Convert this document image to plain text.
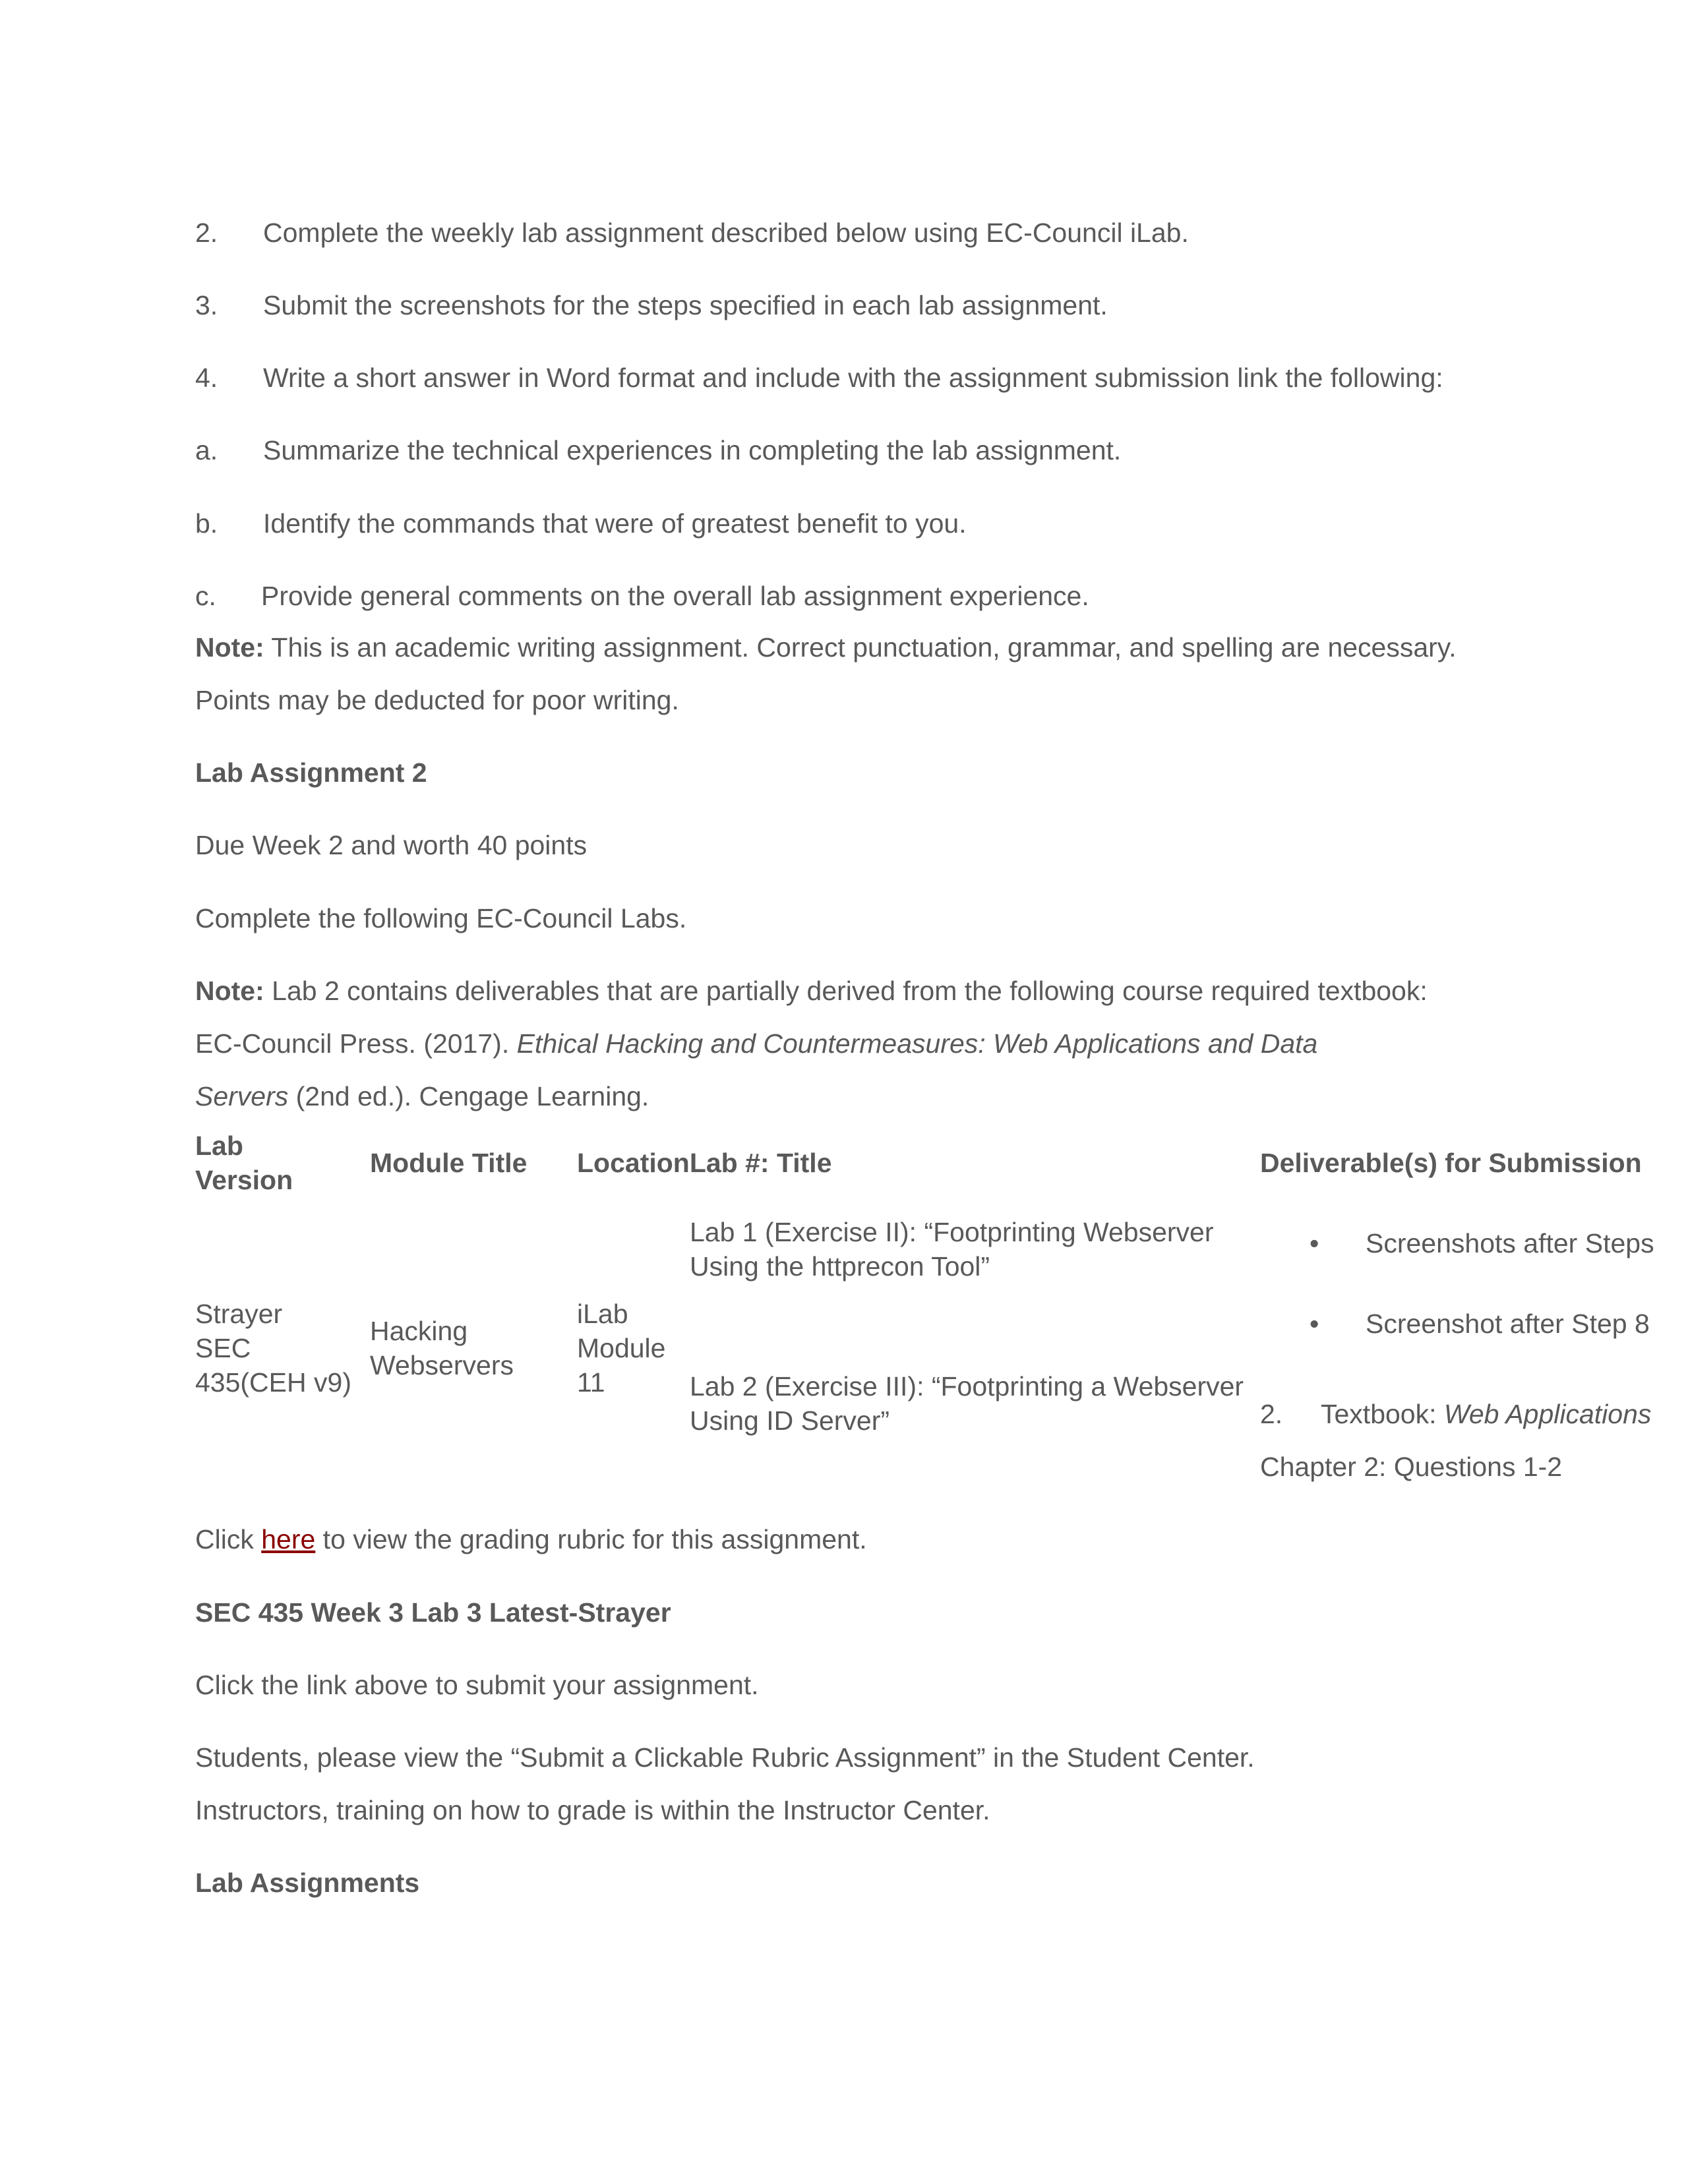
2. Complete the weekly lab assignment described below using EC-Council iLab.

3. Submit the screenshots for the steps specified in each lab assignment.

4. Write a short answer in Word format and include with the assignment submission link the following:

a. Summarize the technical experiences in completing the lab assignment.

b. Identify the commands that were of greatest benefit to you.

c. Provide general comments on the overall lab assignment experience.

Note: This is an academic writing assignment. Correct punctuation, grammar, and spelling are necessary.

Points may be deducted for poor writing.

Lab Assignment 2

Due Week 2 and worth 40 points

Complete the following EC-Council Labs.

Note: Lab 2 contains deliverables that are partially derived from the following course required textbook:

EC-Council Press. (2017). Ethical Hacking and Countermeasures: Web Applications and Data

Servers (2nd ed.). Cengage Learning.

Lab

Version

Module Title LocationLab #: Title	Deliverable(s) for Submission

Strayer

SEC

435(CEH v9)

Hacking

Webservers

iLab

Module

11

Lab 1 (Exercise II): “Footprinting Webserver

Using the httprecon Tool”

Lab 2 (Exercise III): “Footprinting a Webserver

Using ID Server”

• Screenshots after Steps

• Screenshot after Step 8

2. Textbook: Web Applications

Chapter 2: Questions 1-2

Click here to view the grading rubric for this assignment.

SEC 435 Week 3 Lab 3 Latest-Strayer

Click the link above to submit your assignment.

Students, please view the “Submit a Clickable Rubric Assignment” in the Student Center.

Instructors, training on how to grade is within the Instructor Center.

Lab Assignments
